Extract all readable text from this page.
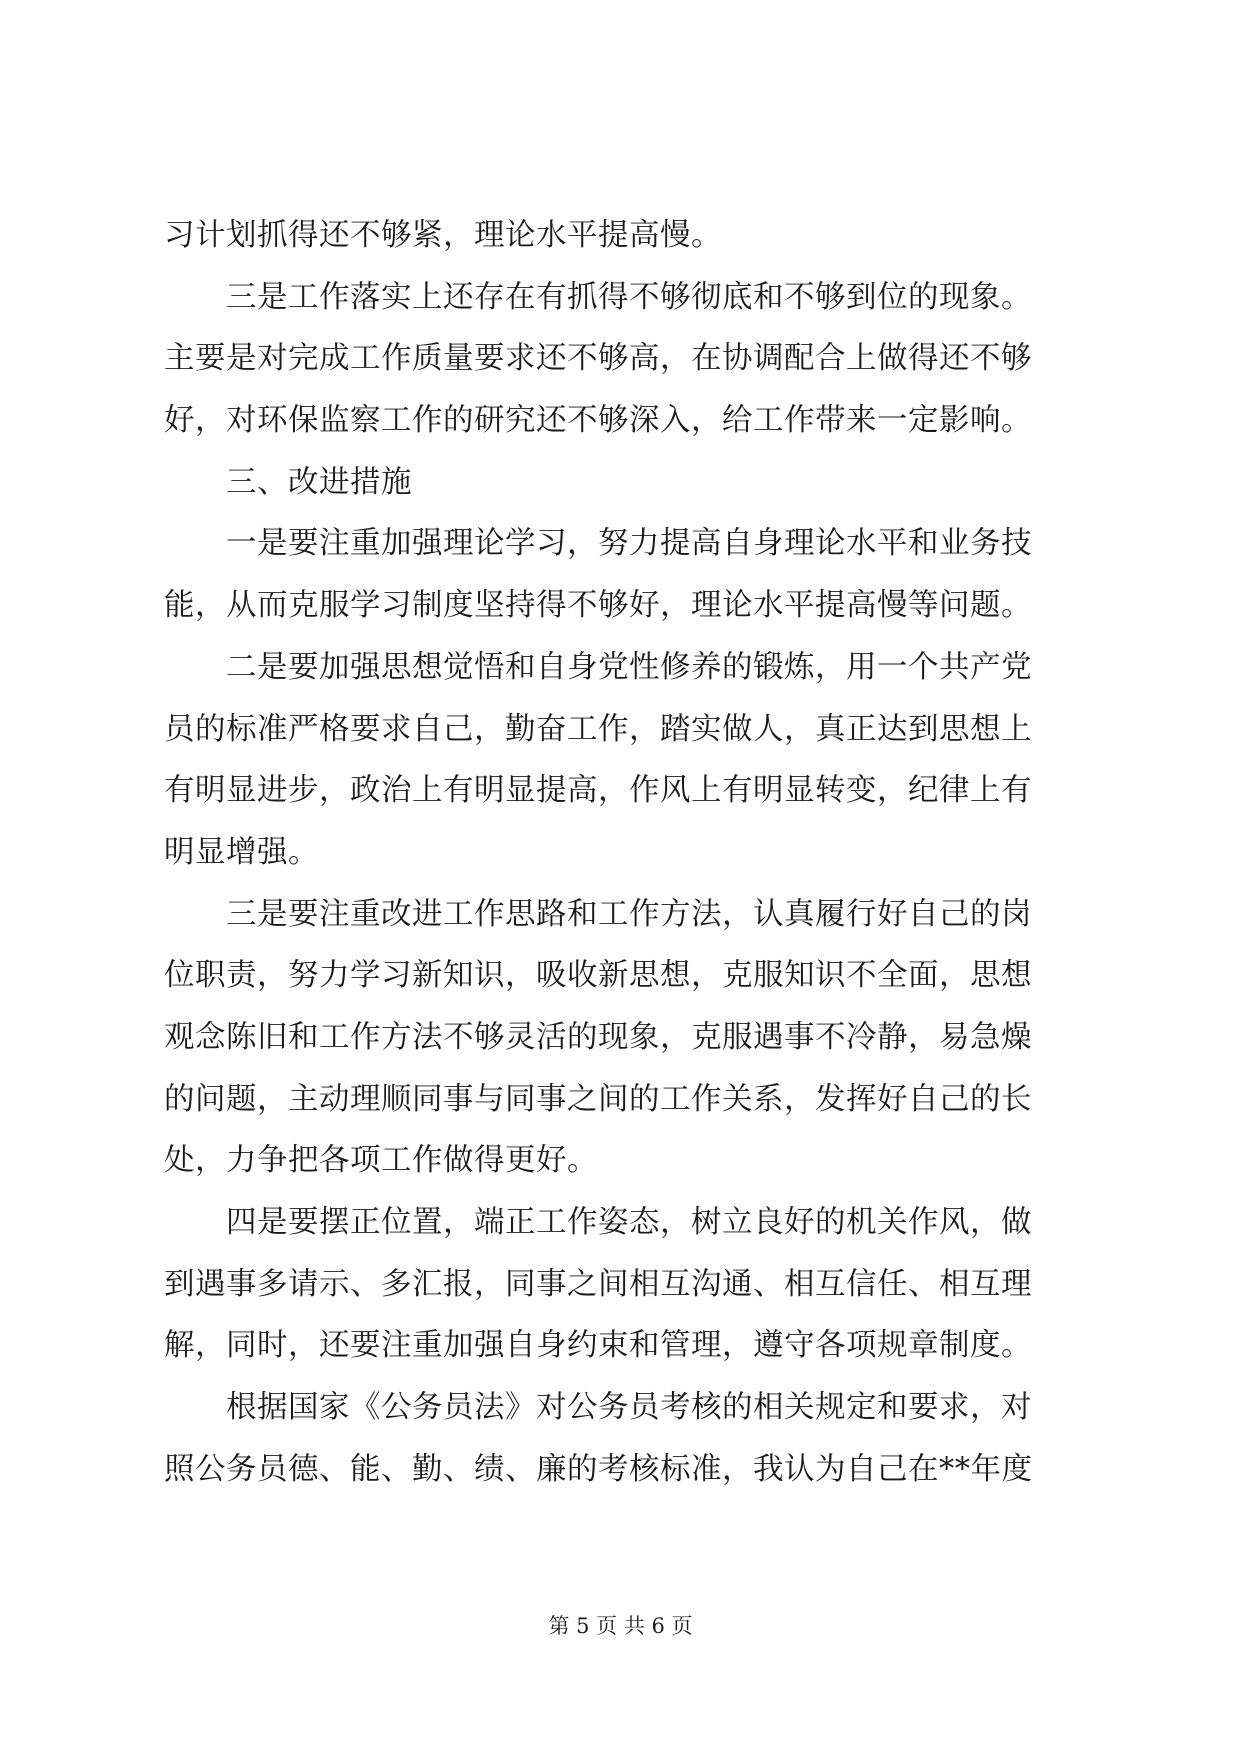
习计划抓得还不够紧，理论水平提高慢。
　　三是工作落实上还存在有抓得不够彻底和不够到位的现象。
主要是对完成工作质量要求还不够高，在协调配合上做得还不够
好，对环保监察工作的研究还不够深入，给工作带来一定影响。
　　三、改进措施
　　一是要注重加强理论学习，努力提高自身理论水平和业务技
能，从而克服学习制度坚持得不够好，理论水平提高慢等问题。
　　二是要加强思想觉悟和自身党性修养的锻炼，用一个共产党
员的标准严格要求自己，勤奋工作，踏实做人，真正达到思想上
有明显进步，政治上有明显提高，作风上有明显转变，纪律上有
明显增强。
　　三是要注重改进工作思路和工作方法，认真履行好自己的岗
位职责，努力学习新知识，吸收新思想，克服知识不全面，思想
观念陈旧和工作方法不够灵活的现象，克服遇事不冷静，易急燥
的问题，主动理顺同事与同事之间的工作关系，发挥好自己的长
处，力争把各项工作做得更好。
　　四是要摆正位置，端正工作姿态，树立良好的机关作风，做
到遇事多请示、多汇报，同事之间相互沟通、相互信任、相互理
解，同时，还要注重加强自身约束和管理，遵守各项规章制度。
　　根据国家《公务员法》对公务员考核的相关规定和要求，对
照公务员德、能、勤、绩、廉的考核标准，我认为自己在**年度
第 5 页 共 6 页
